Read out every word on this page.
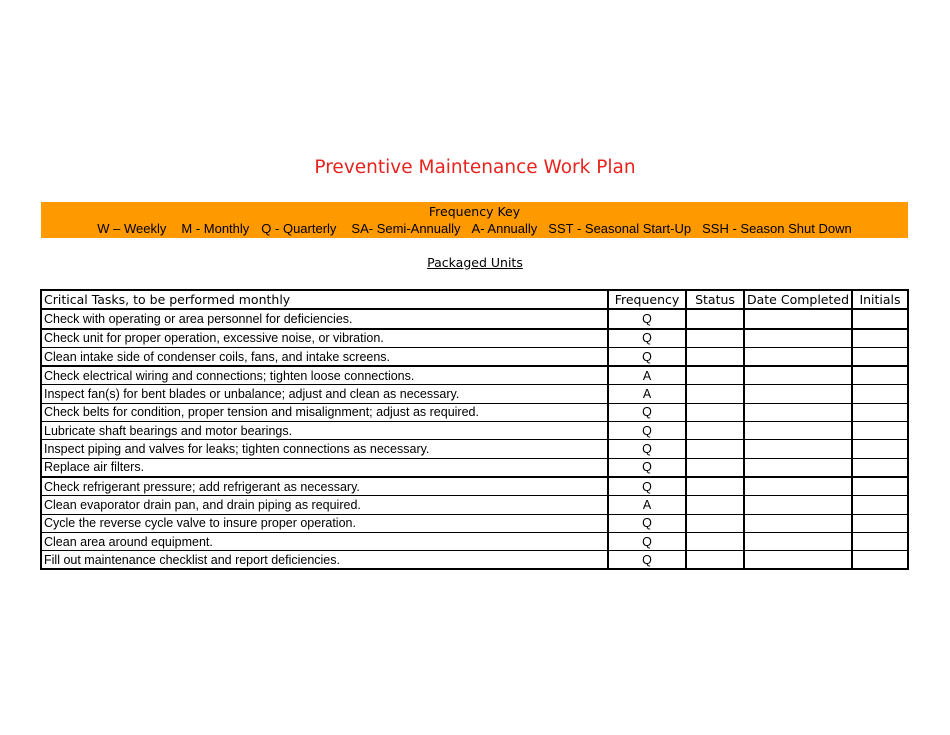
Preventive Maintenance Work Plan
Frequency Key
W – Weekly M - Monthly Q - Quarterly SA- Semi-Annually A- Annually SST - Seasonal Start-Up SSH - Season Shut Down
Packaged Units
Critical Tasks, to be performed monthly	Frequency	Status	Date Completed	Initials
Check with operating or area personnel for deficiencies.	Q			
Check unit for proper operation, excessive noise, or vibration.	Q			
Clean intake side of condenser coils, fans, and intake screens.	Q			
Check electrical wiring and connections; tighten loose connections.	A			
Inspect fan(s) for bent blades or unbalance; adjust and clean as necessary.	A			
Check belts for condition, proper tension and misalignment; adjust as required.	Q			
Lubricate shaft bearings and motor bearings.	Q			
Inspect piping and valves for leaks; tighten connections as necessary.	Q			
Replace air filters.	Q			
Check refrigerant pressure; add refrigerant as necessary.	Q			
Clean evaporator drain pan, and drain piping as required.	A			
Cycle the reverse cycle valve to insure proper operation.	Q			
Clean area around equipment.	Q			
Fill out maintenance checklist and report deficiencies.	Q			
